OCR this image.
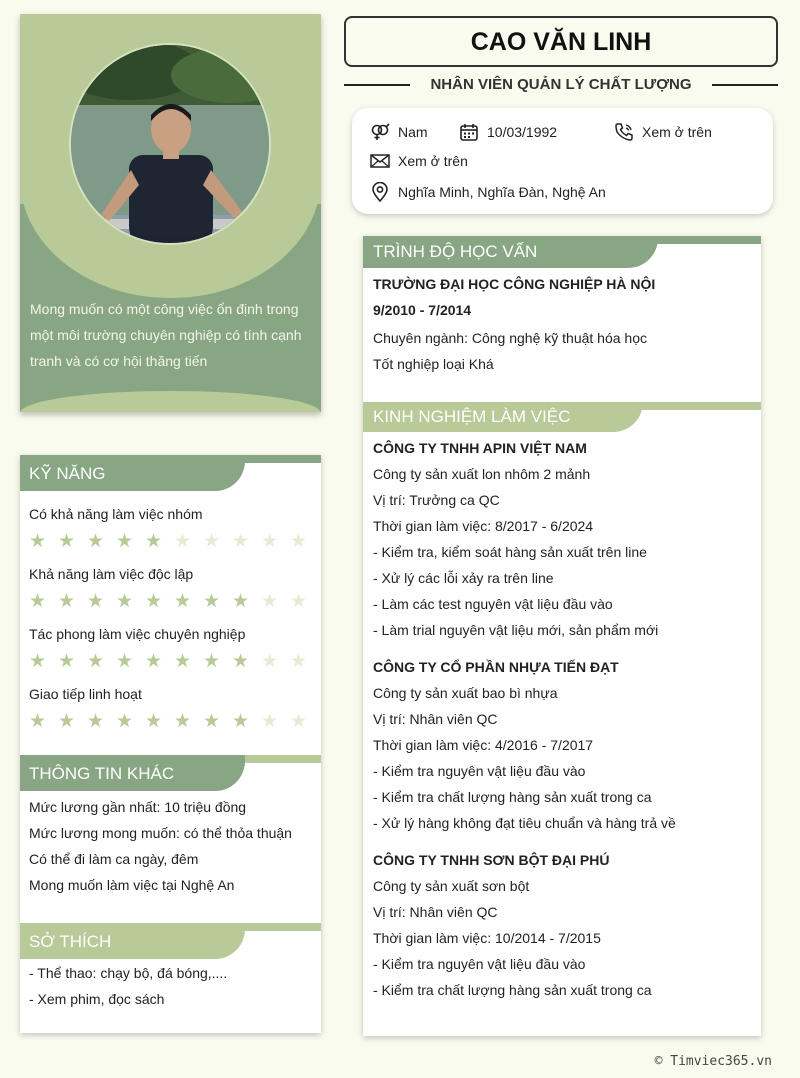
Mong muốn có một công việc ổn định trong một môi trường chuyên nghiệp có tính cạnh tranh và có cơ hội thăng tiến
KỸ NĂNG
Có khả năng làm việc nhóm
★ ★ ★ ★ ★ ★ ★ ★ ★ ★
Khả năng làm việc độc lập
★ ★ ★ ★ ★ ★ ★ ★ ★ ★
Tác phong làm việc chuyên nghiệp
★ ★ ★ ★ ★ ★ ★ ★ ★ ★
Giao tiếp linh hoạt
★ ★ ★ ★ ★ ★ ★ ★ ★ ★
THÔNG TIN KHÁC
Mức lương gần nhất: 10 triệu đồng
Mức lương mong muốn: có thể thỏa thuận
Có thể đi làm ca ngày, đêm
Mong muốn làm việc tại Nghệ An
SỞ THÍCH
- Thể thao: chạy bộ, đá bóng,....
- Xem phim, đọc sách
CAO VĂN LINH
NHÂN VIÊN QUẢN LÝ CHẤT LƯỢNG
Nam	10/03/1992	Xem ở trên
Xem ở trên
Nghĩa Minh, Nghĩa Đàn, Nghệ An
TRÌNH ĐỘ HỌC VẤN
TRƯỜNG ĐẠI HỌC CÔNG NGHIỆP HÀ NỘI
9/2010 - 7/2014
Chuyên ngành: Công nghệ kỹ thuật hóa học
Tốt nghiệp loại Khá
KINH NGHIỆM LÀM VIỆC
CÔNG TY TNHH APIN VIỆT NAM
Công ty sản xuất lon nhôm 2 mảnh
Vị trí: Trưởng ca QC
Thời gian làm việc: 8/2017 - 6/2024
- Kiểm tra, kiểm soát hàng sản xuất trên line
- Xử lý các lỗi xảy ra trên line
- Làm các test nguyên vật liệu đầu vào
- Làm trial nguyên vật liệu mới, sản phẩm mới
CÔNG TY CỔ PHẦN NHỰA TIẾN ĐẠT
Công ty sản xuất bao bì nhựa
Vị trí: Nhân viên QC
Thời gian làm việc: 4/2016 - 7/2017
- Kiểm tra nguyên vật liệu đầu vào
- Kiểm tra chất lượng hàng sản xuất trong ca
- Xử lý hàng không đạt tiêu chuẩn và hàng trả về
CÔNG TY TNHH SƠN BỘT ĐẠI PHÚ
Công ty sản xuất sơn bột
Vị trí: Nhân viên QC
Thời gian làm việc: 10/2014 - 7/2015
- Kiểm tra nguyên vật liệu đầu vào
- Kiểm tra chất lượng hàng sản xuất trong ca
© Timviec365.vn
